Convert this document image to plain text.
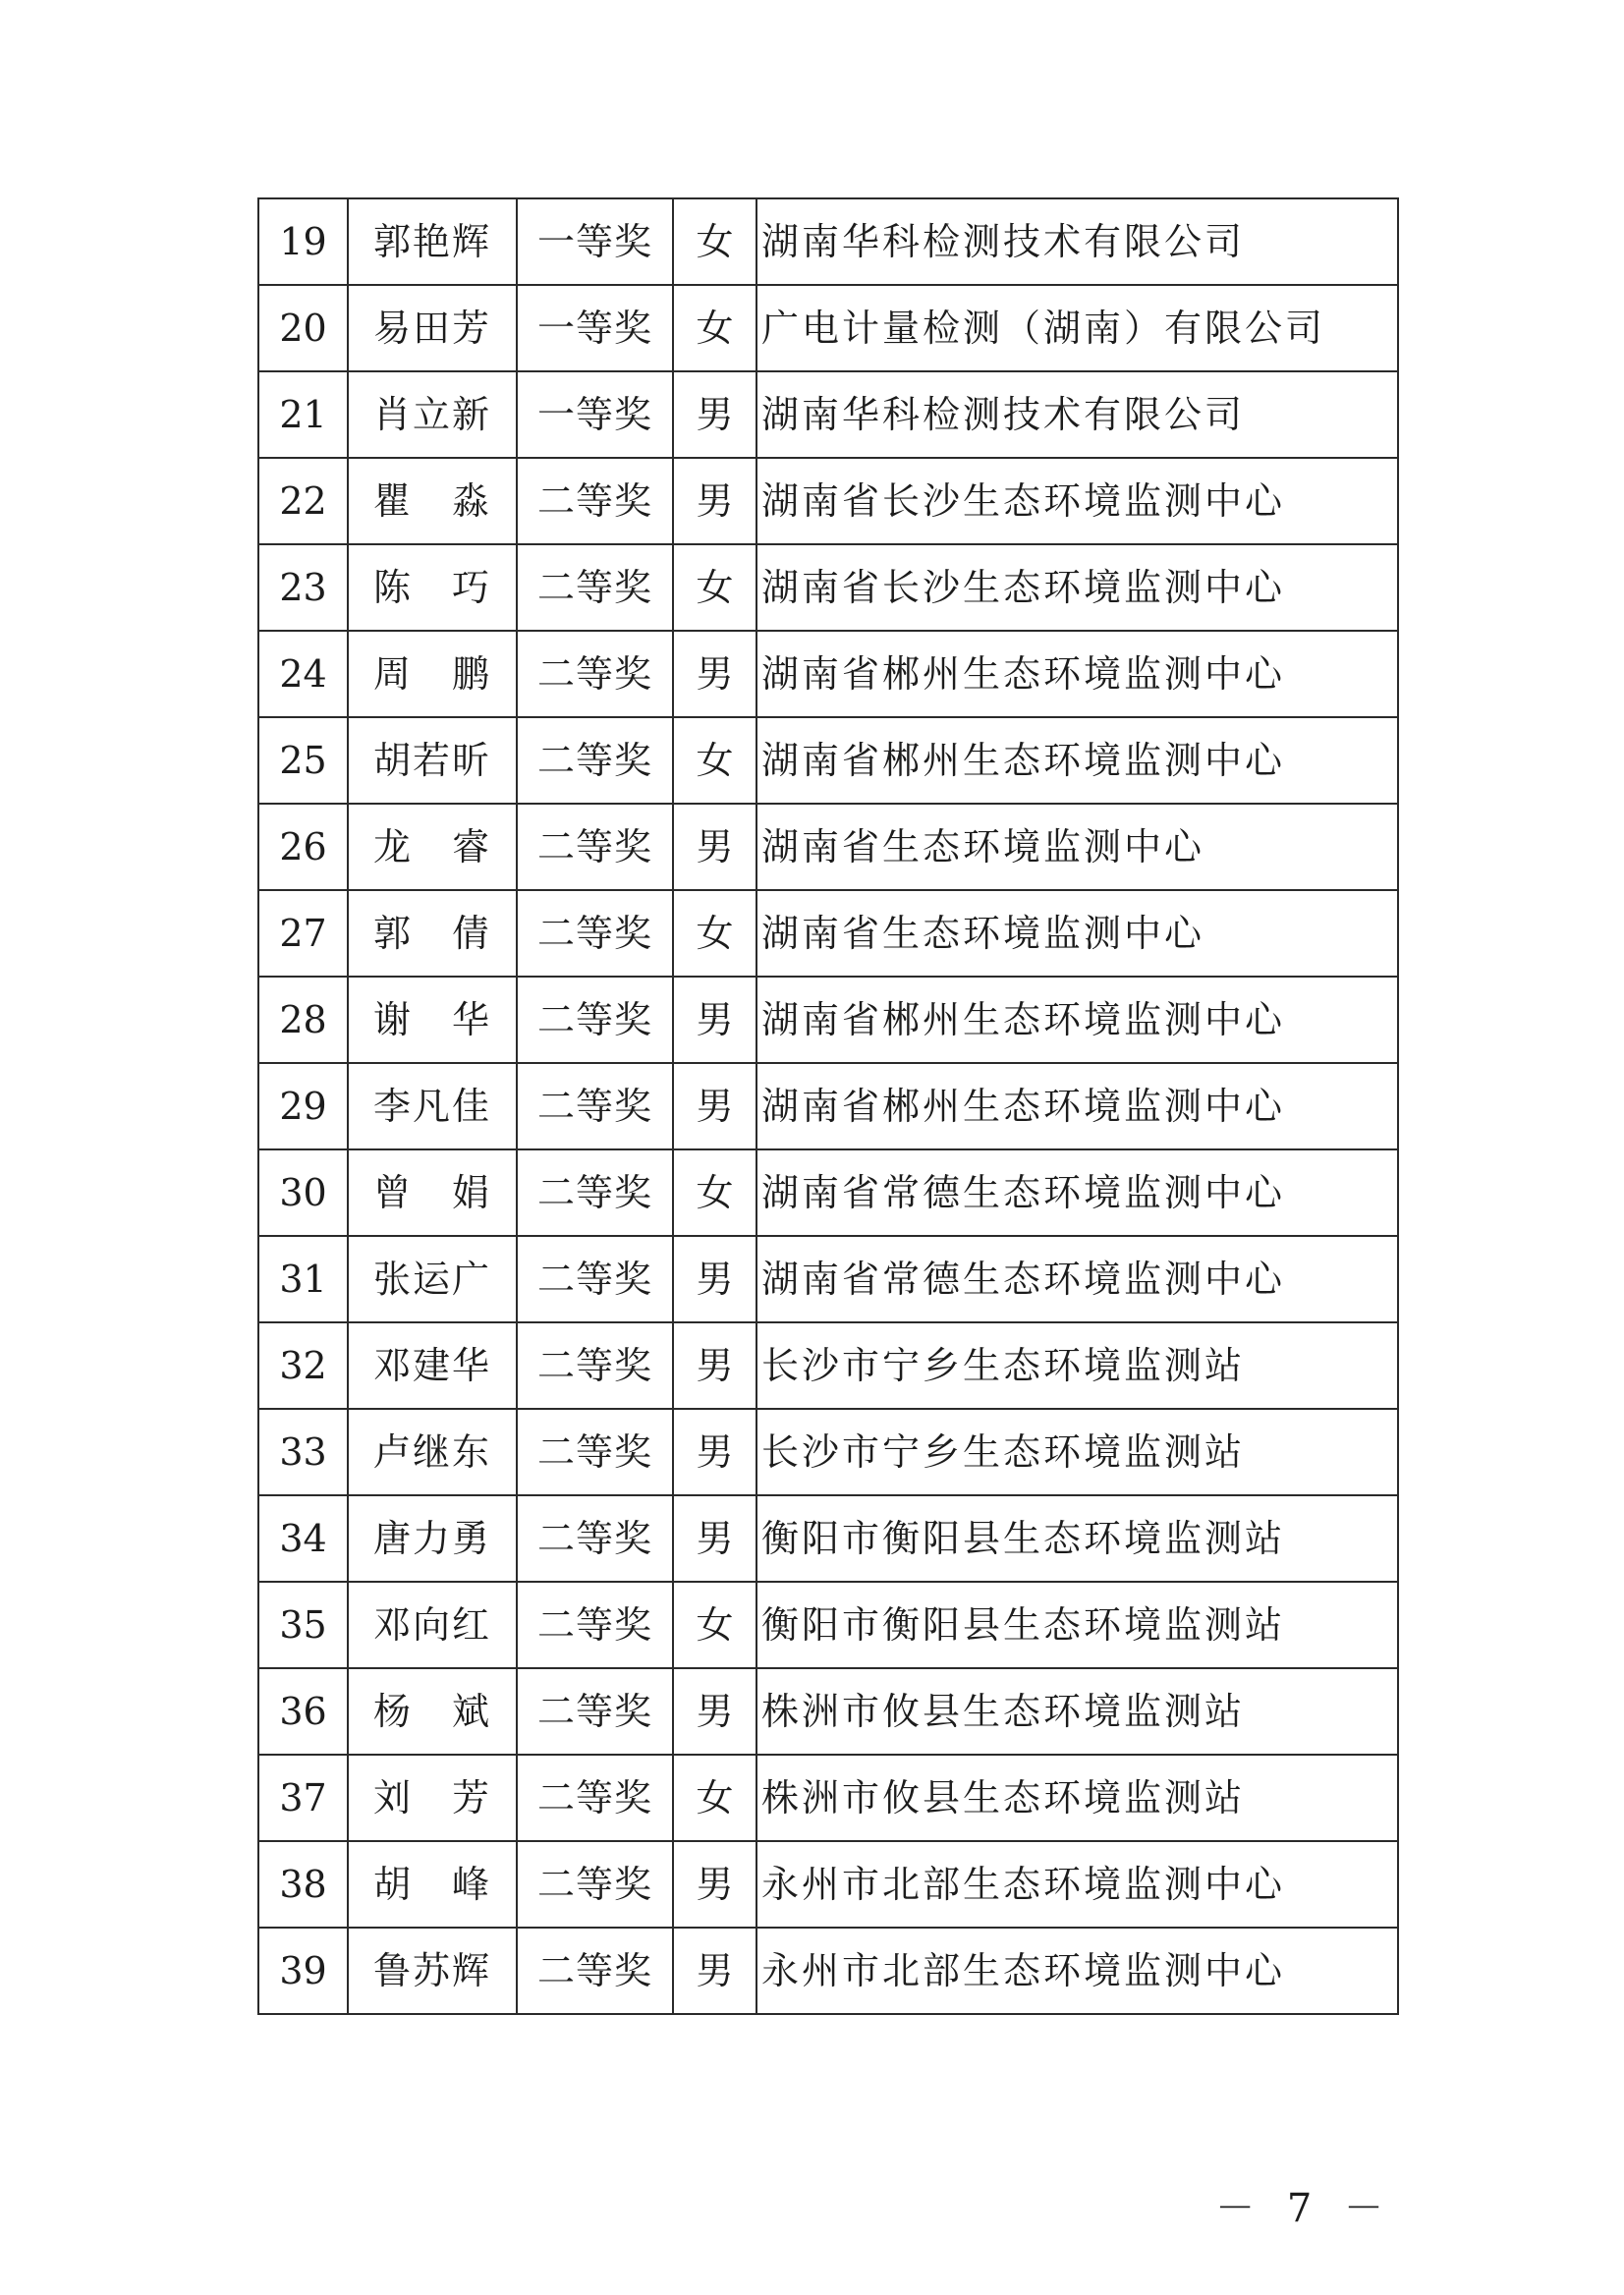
19	郭艳辉	一等奖	女	湖南华科检测技术有限公司
20	易田芳	一等奖	女	广电计量检测（湖南）有限公司
21	肖立新	一等奖	男	湖南华科检测技术有限公司
22	瞿　淼	二等奖	男	湖南省长沙生态环境监测中心
23	陈　巧	二等奖	女	湖南省长沙生态环境监测中心
24	周　鹏	二等奖	男	湖南省郴州生态环境监测中心
25	胡若昕	二等奖	女	湖南省郴州生态环境监测中心
26	龙　睿	二等奖	男	湖南省生态环境监测中心
27	郭　倩	二等奖	女	湖南省生态环境监测中心
28	谢　华	二等奖	男	湖南省郴州生态环境监测中心
29	李凡佳	二等奖	男	湖南省郴州生态环境监测中心
30	曾　娟	二等奖	女	湖南省常德生态环境监测中心
31	张运广	二等奖	男	湖南省常德生态环境监测中心
32	邓建华	二等奖	男	长沙市宁乡生态环境监测站
33	卢继东	二等奖	男	长沙市宁乡生态环境监测站
34	唐力勇	二等奖	男	衡阳市衡阳县生态环境监测站
35	邓向红	二等奖	女	衡阳市衡阳县生态环境监测站
36	杨　斌	二等奖	男	株洲市攸县生态环境监测站
37	刘　芳	二等奖	女	株洲市攸县生态环境监测站
38	胡　峰	二等奖	男	永州市北部生态环境监测中心
39	鲁苏辉	二等奖	男	永州市北部生态环境监测中心
－ 7 －
